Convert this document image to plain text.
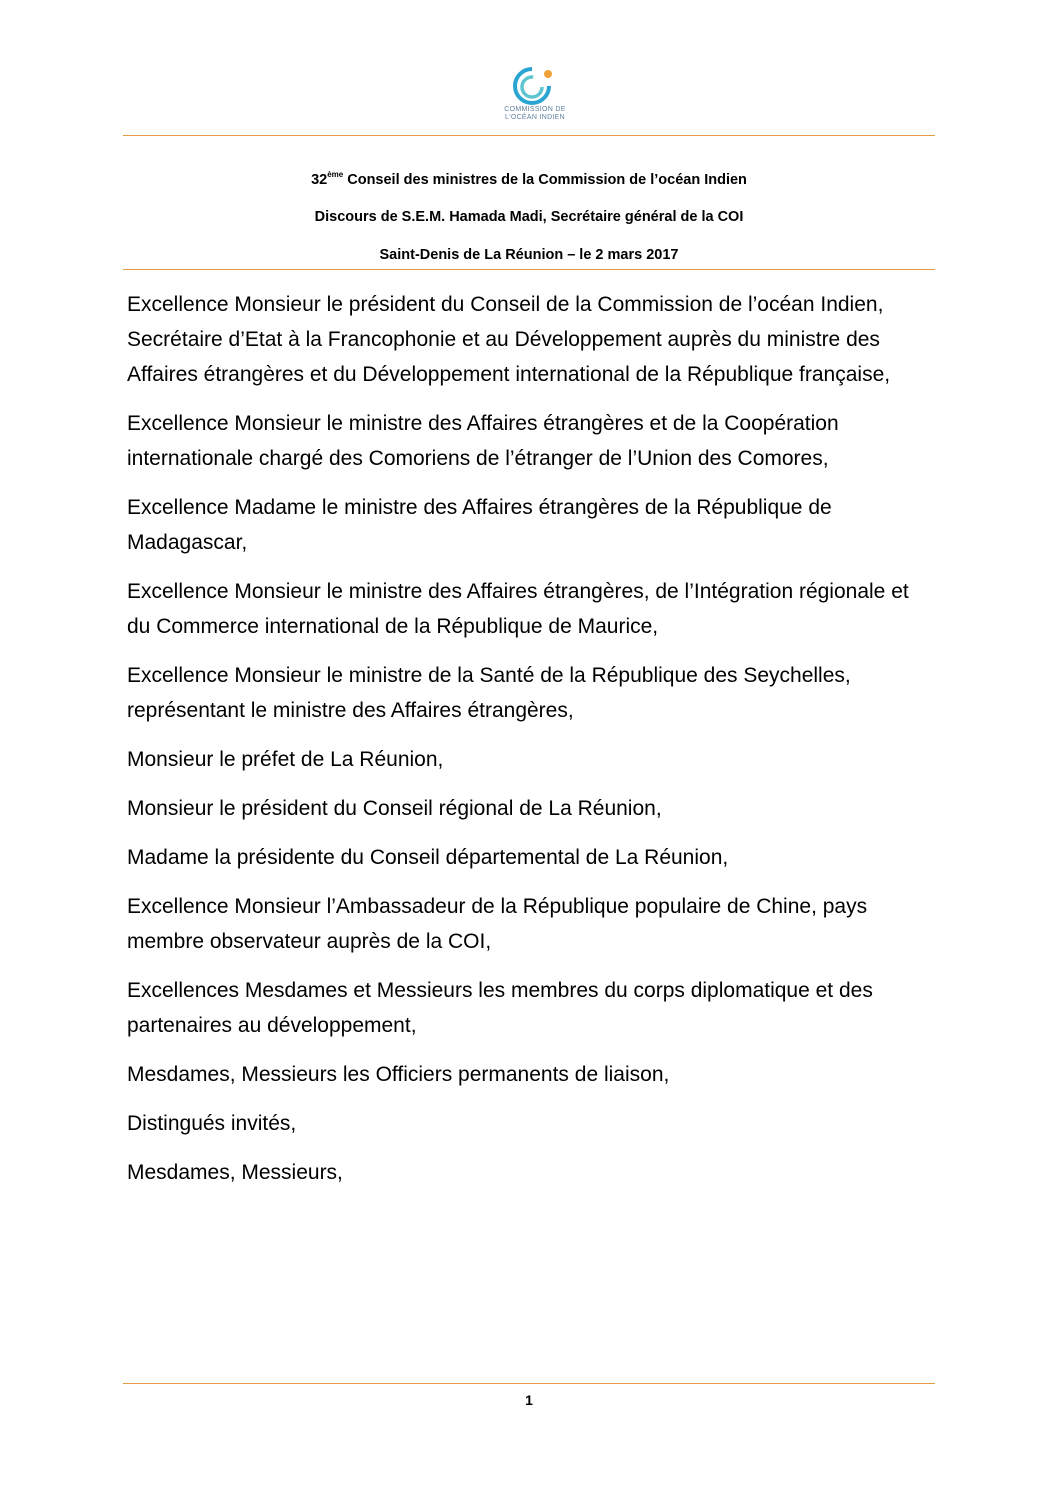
COMMISSION DE
L'OCÉAN INDIEN
32ème Conseil des ministres de la Commission de l’océan Indien
Discours de S.E.M. Hamada Madi, Secrétaire général de la COI
Saint-Denis de La Réunion – le 2 mars 2017

Excellence Monsieur le président du Conseil de la Commission de l’océan Indien, Secrétaire d’Etat à la Francophonie et au Développement auprès du ministre des Affaires étrangères et du Développement international de la République française,

Excellence Monsieur le ministre des Affaires étrangères et de la Coopération internationale chargé des Comoriens de l’étranger de l’Union des Comores,

Excellence Madame le ministre des Affaires étrangères de la République de Madagascar,

Excellence Monsieur le ministre des Affaires étrangères, de l’Intégration régionale et du Commerce international de la République de Maurice,

Excellence Monsieur le ministre de la Santé de la République des Seychelles, représentant le ministre des Affaires étrangères,

Monsieur le préfet de La Réunion,

Monsieur le président du Conseil régional de La Réunion,

Madame la présidente du Conseil départemental de La Réunion,

Excellence Monsieur l’Ambassadeur de la République populaire de Chine, pays membre observateur auprès de la COI,

Excellences Mesdames et Messieurs les membres du corps diplomatique et des partenaires au développement,

Mesdames, Messieurs les Officiers permanents de liaison,

Distingués invités,

Mesdames, Messieurs,

1
